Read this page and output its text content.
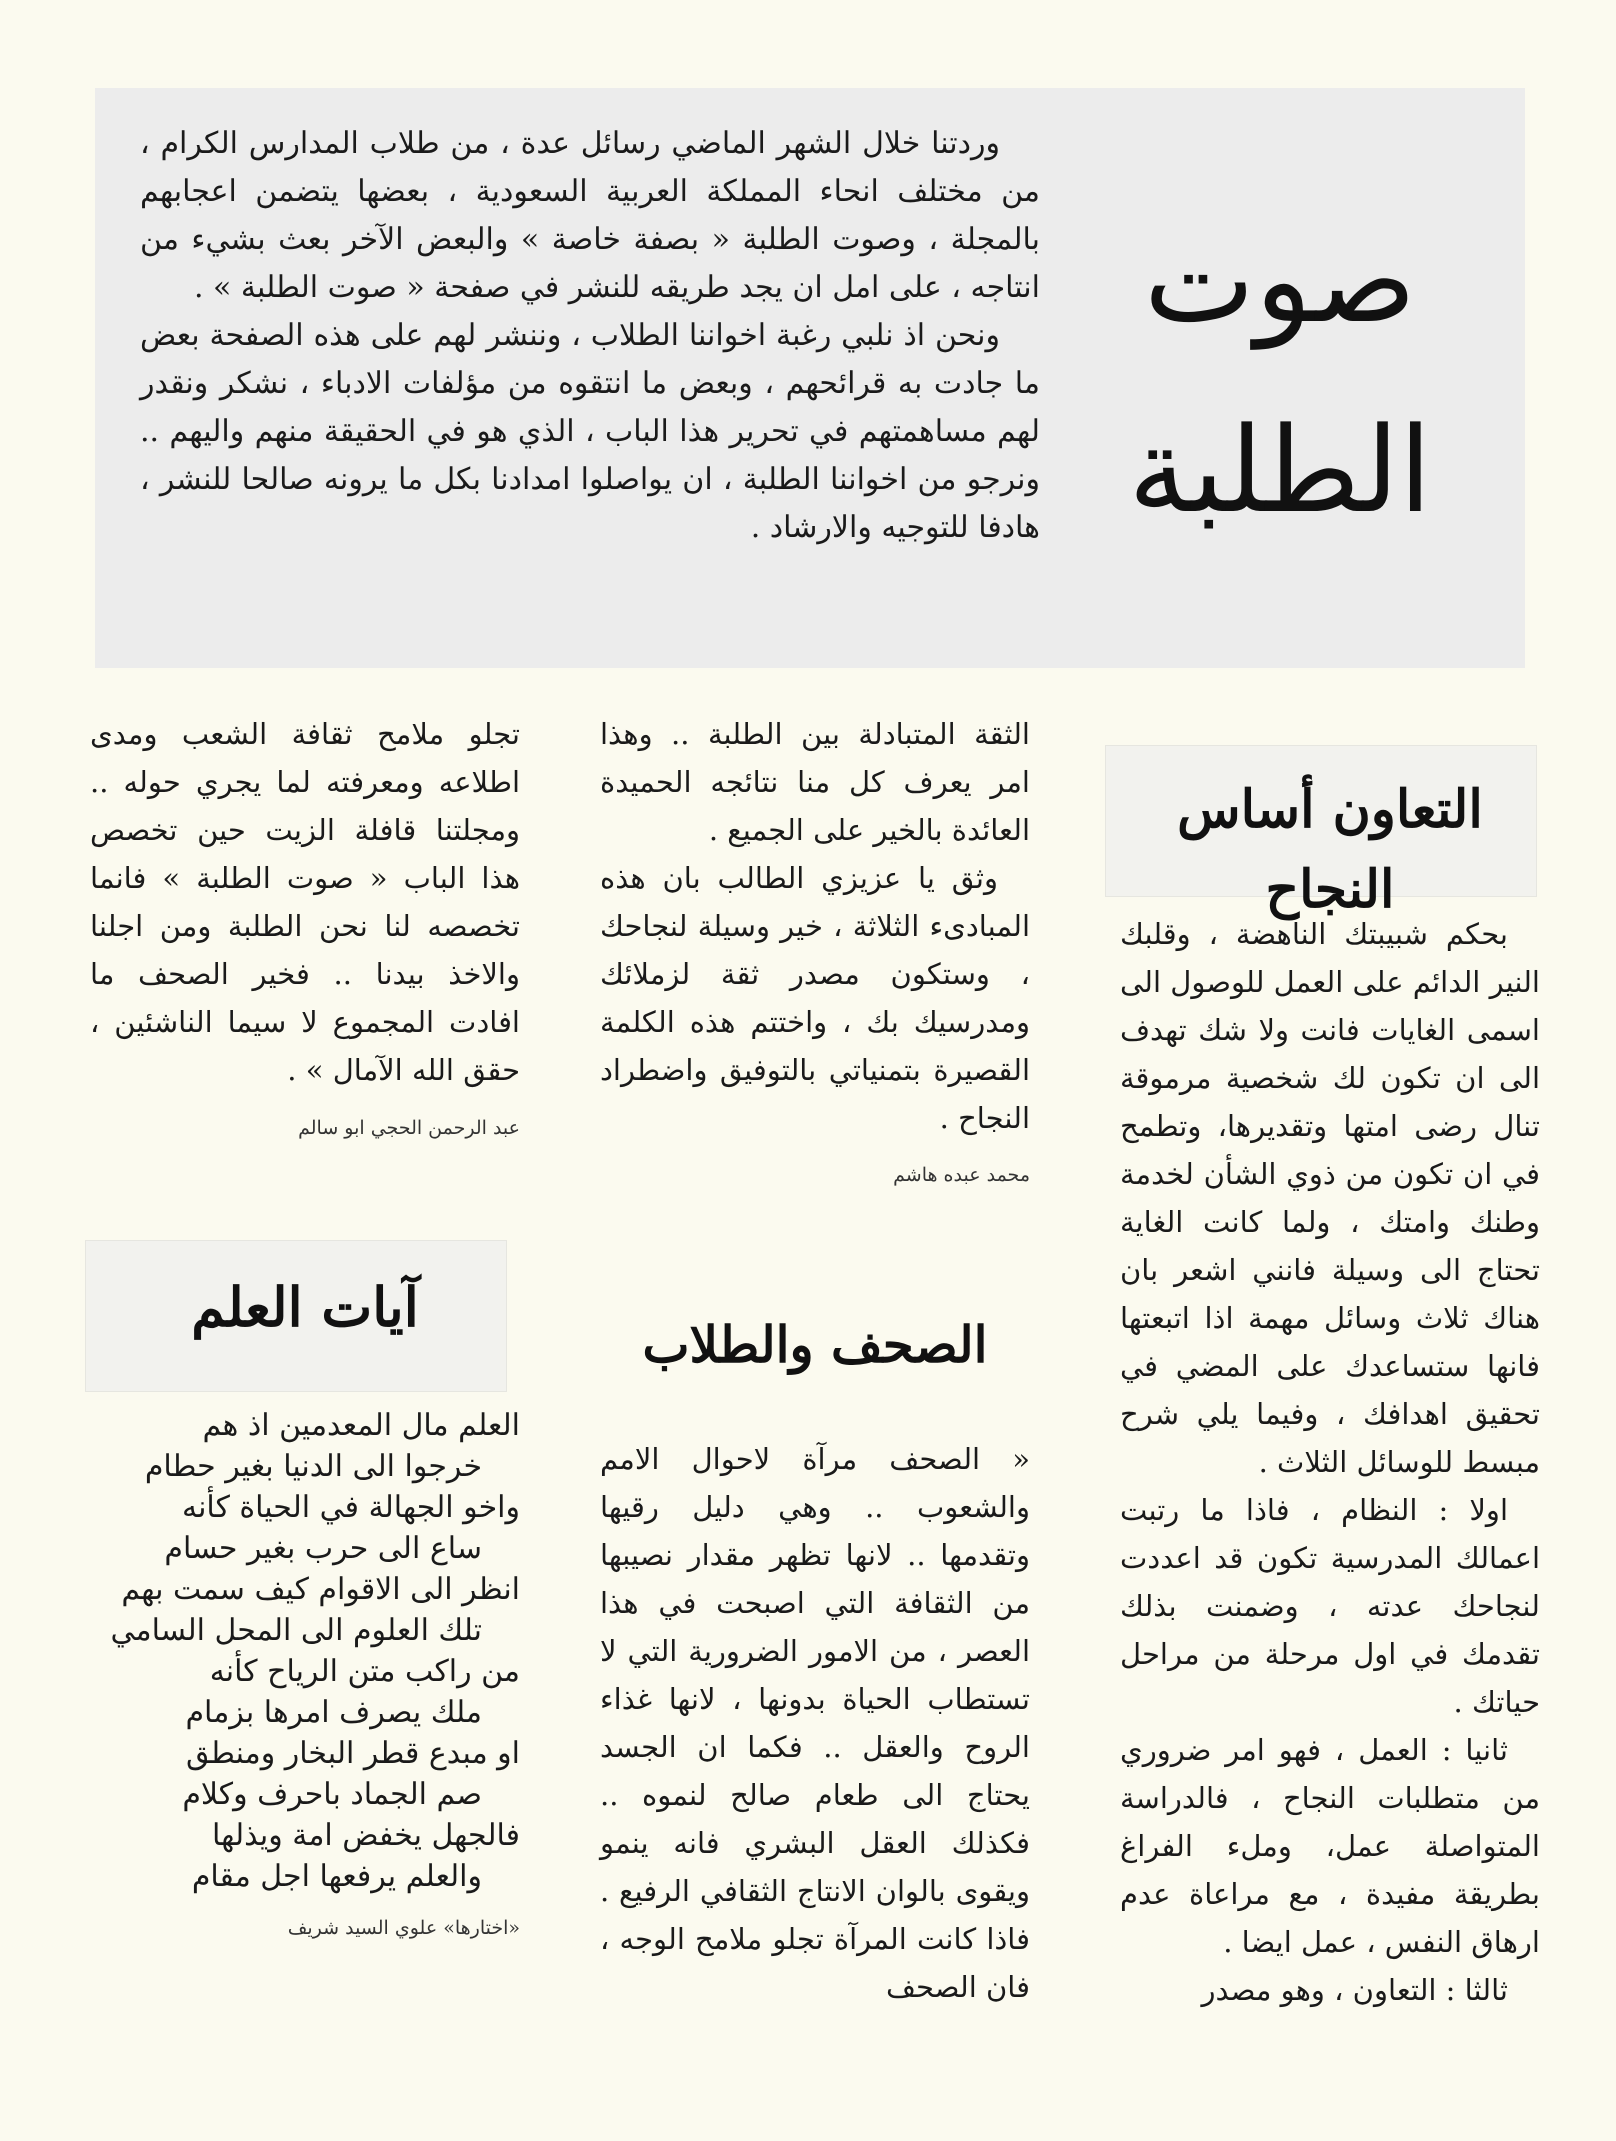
صوت
الطلبة

وردتنا خلال الشهر الماضي رسائل عدة ، من طلاب المدارس الكرام ، من مختلف انحاء المملكة العربية السعودية ، بعضها يتضمن اعجابهم بالمجلة ، وصوت الطلبة « بصفة خاصة » والبعض الآخر بعث بشيء من انتاجه ، على امل ان يجد طريقه للنشر في صفحة « صوت الطلبة » .

ونحن اذ نلبي رغبة اخواننا الطلاب ، وننشر لهم على هذه الصفحة بعض ما جادت به قرائحهم ، وبعض ما انتقوه من مؤلفات الادباء ، نشكر ونقدر لهم مساهمتهم في تحرير هذا الباب ، الذي هو في الحقيقة منهم واليهم .. ونرجو من اخواننا الطلبة ، ان يواصلوا امدادنا بكل ما يرونه صالحا للنشر ، هادفا للتوجيه والارشاد .

التعاون أساس النجاح

بحكم شبيبتك الناهضة ، وقلبك النير الدائم على العمل للوصول الى اسمى الغايات فانت ولا شك تهدف الى ان تكون لك شخصية مرموقة تنال رضى امتها وتقديرها، وتطمح في ان تكون من ذوي الشأن لخدمة وطنك وامتك ، ولما كانت الغاية تحتاج الى وسيلة فانني اشعر بان هناك ثلاث وسائل مهمة اذا اتبعتها فانها ستساعدك على المضي في تحقيق اهدافك ، وفيما يلي شرح مبسط للوسائل الثلاث .

اولا : النظام ، فاذا ما رتبت اعمالك المدرسية تكون قد اعددت لنجاحك عدته ، وضمنت بذلك تقدمك في اول مرحلة من مراحل حياتك .

ثانيا : العمل ، فهو امر ضروري من متطلبات النجاح ، فالدراسة المتواصلة عمل، وملء الفراغ بطريقة مفيدة ، مع مراعاة عدم ارهاق النفس ، عمل ايضا .

ثالثا : التعاون ، وهو مصدر

الثقة المتبادلة بين الطلبة .. وهذا امر يعرف كل منا نتائجه الحميدة العائدة بالخير على الجميع .

وثق يا عزيزي الطالب بان هذه المبادىء الثلاثة ، خير وسيلة لنجاحك ، وستكون مصدر ثقة لزملائك ومدرسيك بك ، واختتم هذه الكلمة القصيرة بتمنياتي بالتوفيق واضطراد النجاح .

محمد عبده هاشم

تجلو ملامح ثقافة الشعب ومدى اطلاعه ومعرفته لما يجري حوله .. ومجلتنا قافلة الزيت حين تخصص هذا الباب « صوت الطلبة » فانما تخصصه لنا نحن الطلبة ومن اجلنا والاخذ بيدنا .. فخير الصحف ما افادت المجموع لا سيما الناشئين ، حقق الله الآمال » .

عبد الرحمن الحجي ابو سالم
الصحف والطلاب

« الصحف مرآة لاحوال الامم والشعوب .. وهي دليل رقيها وتقدمها .. لانها تظهر مقدار نصيبها من الثقافة التي اصبحت في هذا العصر ، من الامور الضرورية التي لا تستطاب الحياة بدونها ، لانها غذاء الروح والعقل .. فكما ان الجسد يحتاج الى طعام صالح لنموه .. فكذلك العقل البشري فانه ينمو ويقوى بالوان الانتاج الثقافي الرفيع . فاذا كانت المرآة تجلو ملامح الوجه ، فان الصحف

آيات العلم
العلم مال المعدمين اذ هم
خرجوا الى الدنيا بغير حطام
واخو الجهالة في الحياة كأنه
ساع الى حرب بغير حسام
انظر الى الاقوام كيف سمت بهم
تلك العلوم الى المحل السامي
من راكب متن الرياح كأنه
ملك يصرف امرها بزمام
او مبدع قطر البخار ومنطق
صم الجماد باحرف وكلام
فالجهل يخفض امة ويذلها
والعلم يرفعها اجل مقام
«اختارها» علوي السيد شريف
